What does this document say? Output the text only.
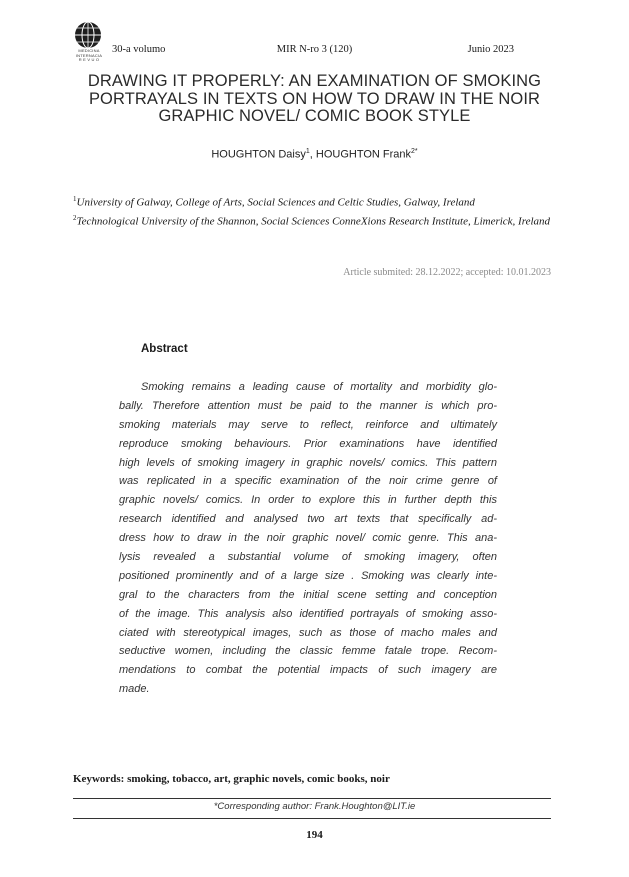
MEDICINA
INTERNACIA
R E V U O
30-a volumo	MIR N-ro 3 (120)	Junio 2023
DRAWING IT PROPERLY: AN EXAMINATION OF SMOKING
PORTRAYALS IN TEXTS ON HOW TO DRAW IN THE NOIR
GRAPHIC NOVEL/ COMIC BOOK STYLE
HOUGHTON Daisy$^1$, HOUGHTON Frank$^{2*}$
$^1$University of Galway, College of Arts, Social Sciences and Celtic Studies, Galway, Ireland
$^2$Technological University of the Shannon, Social Sciences ConneXions Research Institute, Limerick, Ireland
Article submited: 28.12.2022; accepted: 10.01.2023
Abstract
Smoking remains a leading cause of mortality and morbidity glo-
bally. Therefore attention must be paid to the manner is which pro-
smoking materials may serve to reflect, reinforce and ultimately
reproduce smoking behaviours. Prior examinations have identified
high levels of smoking imagery in graphic novels/ comics. This pattern
was replicated in a specific examination of the noir crime genre of
graphic novels/ comics. In order to explore this in further depth this
research identified and analysed two art texts that specifically ad-
dress how to draw in the noir graphic novel/ comic genre. This ana-
lysis revealed a substantial volume of smoking imagery, often
positioned prominently and of a large size . Smoking was clearly inte-
gral to the characters from the initial scene setting and conception
of the image. This analysis also identified portrayals of smoking asso-
ciated with stereotypical images, such as those of macho males and
seductive women, including the classic femme fatale trope. Recom-
mendations to combat the potential impacts of such imagery are
made.
Keywords: smoking, tobacco, art, graphic novels, comic books, noir
*Corresponding author: Frank.Houghton@LIT.ie
194
